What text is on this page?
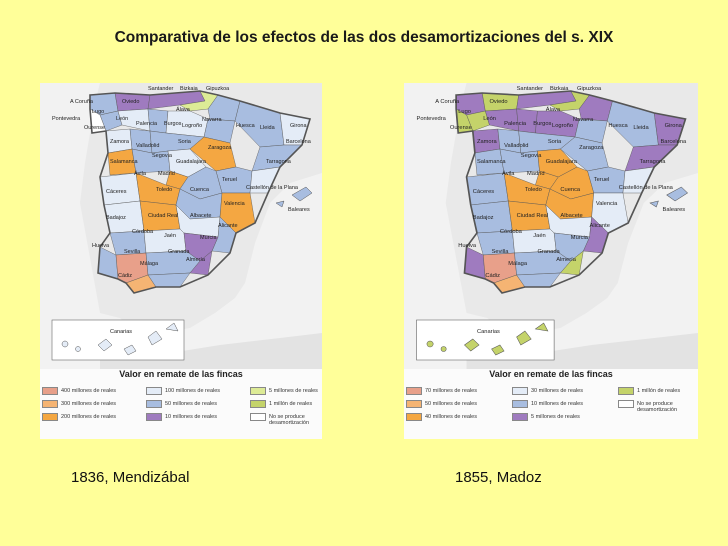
Comparativa de los efectos de las dos desamortizaciones del s. XIX
Canarias
A Coruña
Lugo
Pontevedra
Ourense
Santander Bizkaia Gipuzkoa
Oviedo
Álava
Navarra
León
Palencia Burgos Logroño	Huesca Lleida	Girona
Barcelona
Zamora
Valladolid
Soria
Zaragoza
Tarragona
Salamanca
Segovia
Guadalajara
Ávila Madrid
Teruel
Castellón de la Plana
Cáceres	Toledo	Cuenca
Valencia
Baleares
Badajoz	Ciudad Real Albacete
Alicante
Córdoba
Jaén	Murcia
Huelva
Sevilla	Granada
Almería
Málaga
Cádiz
Valor en remate de las fincas
400 millones de reales
300 millones de reales
200 millones de reales
100 millones de reales
50 millones de reales
10 millones de reales
5 millones de reales
1 millón de reales
No se produce desamortización
Canarias
A Coruña
Lugo
Pontevedra
Ourense
Santander Bizkaia Gipuzkoa
Oviedo
Álava
Navarra
León
Palencia Burgos Logroño	Huesca Lleida	Girona
Barcelona
Zamora
Valladolid
Soria
Zaragoza
Tarragona
Salamanca
Segovia
Guadalajara
Ávila Madrid
Teruel
Castellón de la Plana
Cáceres	Toledo	Cuenca
Valencia
Baleares
Badajoz	Ciudad Real Albacete
Alicante
Córdoba
Jaén	Murcia
Huelva
Sevilla	Granada
Almería
Málaga
Cádiz
Valor en remate de las fincas
70 millones de reales
50 millones de reales
40 millones de reales
30 millones de reales
10 millones de reales
5 millones de reales
1 millón de reales
No se produce desamortización
1836, Mendizábal	1855, Madoz
